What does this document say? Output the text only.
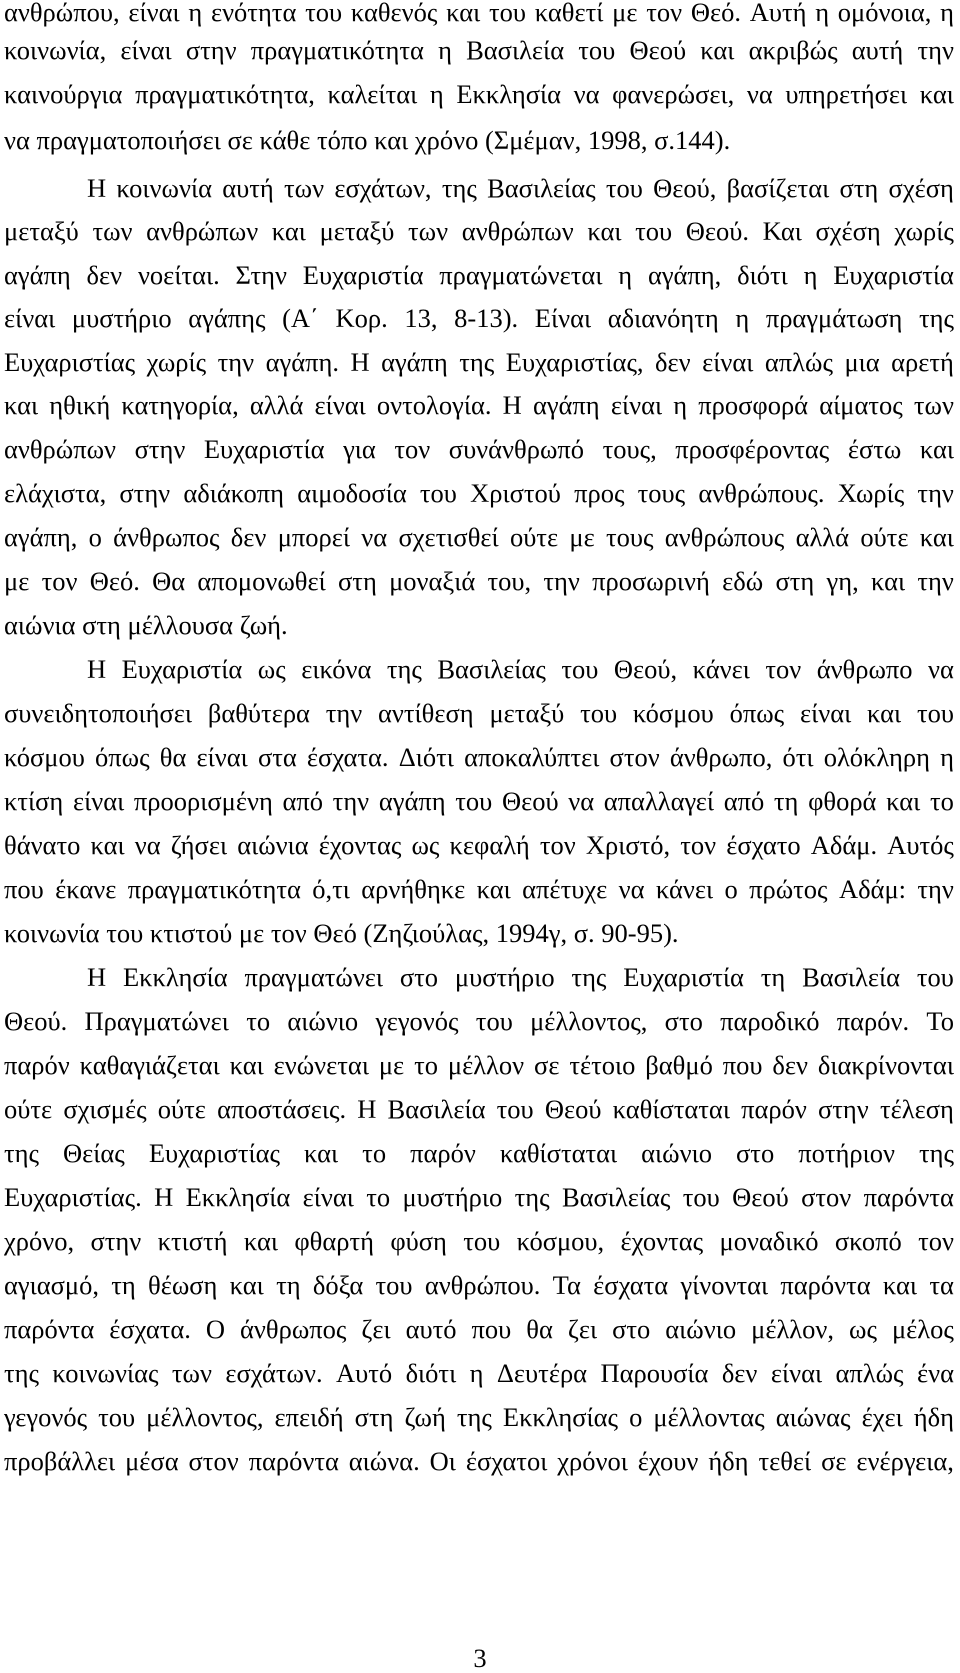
ανθρώπου, είναι η ενότητα του καθενός και του καθετί με τον Θεό. Αυτή η ομόνοια, η
κοινωνία, είναι στην πραγματικότητα η Βασιλεία του Θεού και ακριβώς αυτή την
καινούργια πραγματικότητα, καλείται η Εκκλησία να φανερώσει, να υπηρετήσει και
να πραγματοποιήσει σε κάθε τόπο και χρόνο (Σμέμαν, 1998, σ.144).
Η κοινωνία αυτή των εσχάτων, της Βασιλείας του Θεού, βασίζεται στη σχέση
μεταξύ των ανθρώπων και μεταξύ των ανθρώπων και του Θεού. Και σχέση χωρίς
αγάπη δεν νοείται. Στην Ευχαριστία πραγματώνεται η αγάπη, διότι η Ευχαριστία
είναι μυστήριο αγάπης (Α΄ Κορ. 13, 8-13). Είναι αδιανόητη η πραγμάτωση της
Ευχαριστίας χωρίς την αγάπη. Η αγάπη της Ευχαριστίας, δεν είναι απλώς μια αρετή
και ηθική κατηγορία, αλλά είναι οντολογία. Η αγάπη είναι η προσφορά αίματος των
ανθρώπων στην Ευχαριστία για τον συνάνθρωπό τους, προσφέροντας έστω και
ελάχιστα, στην αδιάκοπη αιμοδοσία του Χριστού προς τους ανθρώπους. Χωρίς την
αγάπη, ο άνθρωπος δεν μπορεί να σχετισθεί ούτε με τους ανθρώπους αλλά ούτε και
με τον Θεό. Θα απομονωθεί στη μοναξιά του, την προσωρινή εδώ στη γη, και την
αιώνια στη μέλλουσα ζωή.
Η Ευχαριστία ως εικόνα της Βασιλείας του Θεού, κάνει τον άνθρωπο να
συνειδητοποιήσει βαθύτερα την αντίθεση μεταξύ του κόσμου όπως είναι και του
κόσμου όπως θα είναι στα έσχατα. Διότι αποκαλύπτει στον άνθρωπο, ότι ολόκληρη η
κτίση είναι προορισμένη από την αγάπη του Θεού να απαλλαγεί από τη φθορά και το
θάνατο και να ζήσει αιώνια έχοντας ως κεφαλή τον Χριστό, τον έσχατο Αδάμ. Αυτός
που έκανε πραγματικότητα ό,τι αρνήθηκε και απέτυχε να κάνει ο πρώτος Αδάμ: την
κοινωνία του κτιστού με τον Θεό (Ζηζιούλας, 1994γ, σ. 90-95).
Η Εκκλησία πραγματώνει στο μυστήριο της Ευχαριστία τη Βασιλεία του
Θεού. Πραγματώνει το αιώνιο γεγονός του μέλλοντος, στο παροδικό παρόν. Το
παρόν καθαγιάζεται και ενώνεται με το μέλλον σε τέτοιο βαθμό που δεν διακρίνονται
ούτε σχισμές ούτε αποστάσεις. Η Βασιλεία του Θεού καθίσταται παρόν στην τέλεση
της Θείας Ευχαριστίας και το παρόν καθίσταται αιώνιο στο ποτήριον της
Ευχαριστίας. Η Εκκλησία είναι το μυστήριο της Βασιλείας του Θεού στον παρόντα
χρόνο, στην κτιστή και φθαρτή φύση του κόσμου, έχοντας μοναδικό σκοπό τον
αγιασμό, τη θέωση και τη δόξα του ανθρώπου. Τα έσχατα γίνονται παρόντα και τα
παρόντα έσχατα. Ο άνθρωπος ζει αυτό που θα ζει στο αιώνιο μέλλον, ως μέλος
της κοινωνίας των εσχάτων. Αυτό διότι η Δευτέρα Παρουσία δεν είναι απλώς ένα
γεγονός του μέλλοντος, επειδή στη ζωή της Εκκλησίας ο μέλλοντας αιώνας έχει ήδη
προβάλλει μέσα στον παρόντα αιώνα. Οι έσχατοι χρόνοι έχουν ήδη τεθεί σε ενέργεια,
3
